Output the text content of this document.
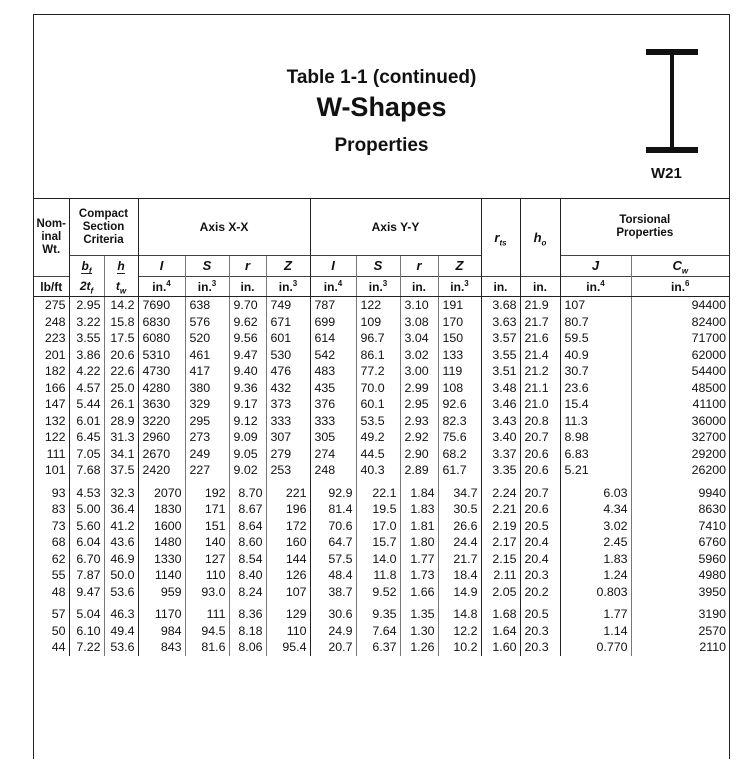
Table 1-1 (continued)
W-Shapes
Properties
W21
Nom-
inal
Wt.	Compact
Section
Criteria		Axis X-X				Axis Y-Y				$r_{ts}$	$h_o$	Torsional
Properties	

	$b_f$	h	I	S	r	Z	I	S	r	Z			J	$C_w$
lb/ft	$2t_f$	$t_w$	in.$^4$	in.$^3$	in.	in.$^3$	in.$^4$	in.$^3$	in.	in.$^3$	in.	in.	in.$^4$	in.$^6$
275	2.95	14.2	7690	638	9.70	749	787	122	3.10	191	3.68	21.9	107	94400
248	3.22	15.8	6830	576	9.62	671	699	109	3.08	170	3.63	21.7	80.7	82400
223	3.55	17.5	6080	520	9.56	601	614	96.7	3.04	150	3.57	21.6	59.5	71700
201	3.86	20.6	5310	461	9.47	530	542	86.1	3.02	133	3.55	21.4	40.9	62000
182	4.22	22.6	4730	417	9.40	476	483	77.2	3.00	119	3.51	21.2	30.7	54400
166	4.57	25.0	4280	380	9.36	432	435	70.0	2.99	108	3.48	21.1	23.6	48500
147	5.44	26.1	3630	329	9.17	373	376	60.1	2.95	92.6	3.46	21.0	15.4	41100
132	6.01	28.9	3220	295	9.12	333	333	53.5	2.93	82.3	3.43	20.8	11.3	36000
122	6.45	31.3	2960	273	9.09	307	305	49.2	2.92	75.6	3.40	20.7	8.98	32700
111	7.05	34.1	2670	249	9.05	279	274	44.5	2.90	68.2	3.37	20.6	6.83	29200
101	7.68	37.5	2420	227	9.02	253	248	40.3	2.89	61.7	3.35	20.6	5.21	26200

93	4.53	32.3	2070	192	8.70	221	92.9	22.1	1.84	34.7	2.24	20.7	6.03	9940
83	5.00	36.4	1830	171	8.67	196	81.4	19.5	1.83	30.5	2.21	20.6	4.34	8630
73	5.60	41.2	1600	151	8.64	172	70.6	17.0	1.81	26.6	2.19	20.5	3.02	7410
68	6.04	43.6	1480	140	8.60	160	64.7	15.7	1.80	24.4	2.17	20.4	2.45	6760
62	6.70	46.9	1330	127	8.54	144	57.5	14.0	1.77	21.7	2.15	20.4	1.83	5960
55	7.87	50.0	1140	110	8.40	126	48.4	11.8	1.73	18.4	2.11	20.3	1.24	4980
48	9.47	53.6	959	93.0	8.24	107	38.7	9.52	1.66	14.9	2.05	20.2	0.803	3950

57	5.04	46.3	1170	111	8.36	129	30.6	9.35	1.35	14.8	1.68	20.5	1.77	3190
50	6.10	49.4	984	94.5	8.18	110	24.9	7.64	1.30	12.2	1.64	20.3	1.14	2570
44	7.22	53.6	843	81.6	8.06	95.4	20.7	6.37	1.26	10.2	1.60	20.3	0.770	2110
